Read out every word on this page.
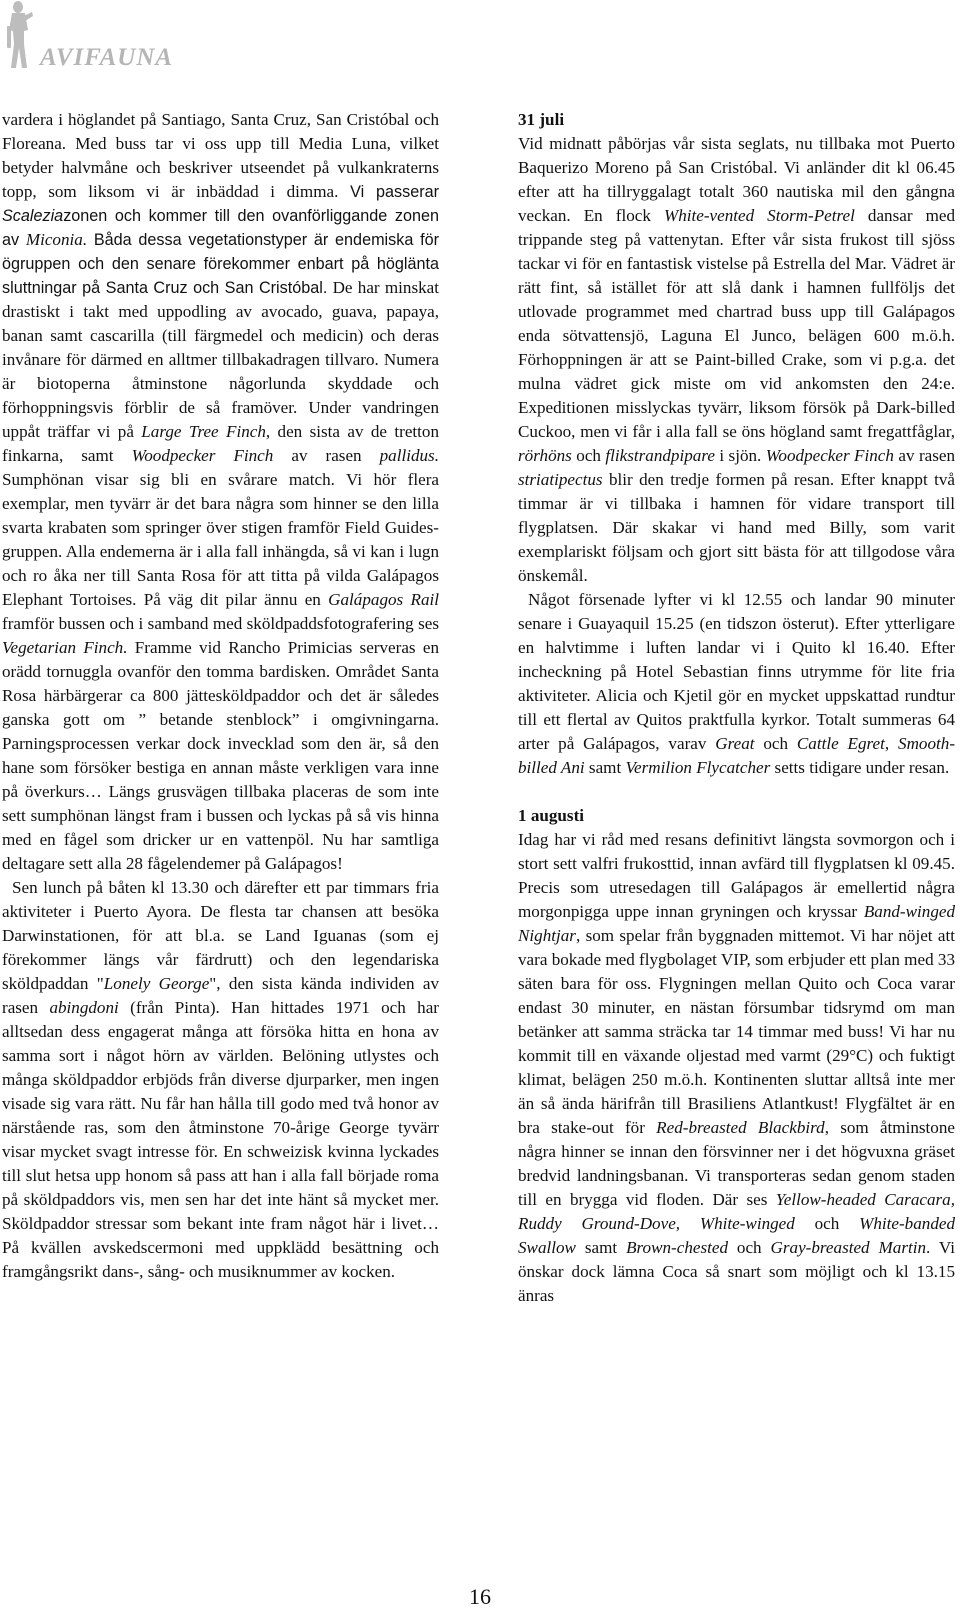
AVIFAUNA

vardera i höglandet på Santiago, Santa Cruz, San Cristóbal och Floreana. Med buss tar vi oss upp till Media Luna, vilket betyder halvmåne och beskriver utseendet på vulkankraterns topp, som liksom vi är inbäddad i dimma. Vi passerar Scaleziazonen och kommer till den ovanförliggande zonen av Miconia. Båda dessa vegetationstyper är endemiska för ögruppen och den senare förekommer enbart på höglänta sluttningar på Santa Cruz och San Cristóbal. De har minskat drastiskt i takt med uppodling av avocado, guava, papaya, banan samt cascarilla (till färgmedel och medicin) och deras invånare för därmed en alltmer tillbakadragen tillvaro. Numera är biotoperna åtminstone någorlunda skyddade och förhoppningsvis förblir de så framöver. Under vandringen uppåt träffar vi på Large Tree Finch, den sista av de tretton finkarna, samt Woodpecker Finch av rasen pallidus. Sumphönan visar sig bli en svårare match. Vi hör flera exemplar, men tyvärr är det bara några som hinner se den lilla svarta krabaten som springer över stigen framför Field Guides-gruppen. Alla endemerna är i alla fall inhängda, så vi kan i lugn och ro åka ner till Santa Rosa för att titta på vilda Galápagos Elephant Tortoises. På väg dit pilar ännu en Galápagos Rail framför bussen och i samband med sköldpaddsfotografering ses Vegetarian Finch. Framme vid Rancho Primicias serveras en orädd tornuggla ovanför den tomma bardisken. Området Santa Rosa härbärgerar ca 800 jättesköldpaddor och det är således ganska gott om ” betande stenblock” i omgivningarna. Parningsprocessen verkar dock invecklad som den är, så den hane som försöker bestiga en annan måste verkligen vara inne på överkurs… Längs grusvägen tillbaka placeras de som inte sett sumphönan längst fram i bussen och lyckas på så vis hinna med en fågel som dricker ur en vattenpöl. Nu har samtliga deltagare sett alla 28 fågelendemer på Galápagos!

Sen lunch på båten kl 13.30 och därefter ett par timmars fria aktiviteter i Puerto Ayora. De flesta tar chansen att besöka Darwinstationen, för att bl.a. se Land Iguanas (som ej förekommer längs vår färdrutt) och den legendariska sköldpaddan "Lonely George", den sista kända individen av rasen abingdoni (från Pinta). Han hittades 1971 och har alltsedan dess engagerat många att försöka hitta en hona av samma sort i något hörn av världen. Belöning utlystes och många sköldpaddor erbjöds från diverse djurparker, men ingen visade sig vara rätt. Nu får han hålla till godo med två honor av närstående ras, som den åtminstone 70-årige George tyvärr visar mycket svagt intresse för. En schweizisk kvinna lyckades till slut hetsa upp honom så pass att han i alla fall började roma på sköldpaddors vis, men sen har det inte hänt så mycket mer. Sköldpaddor stressar som bekant inte fram något här i livet… På kvällen avskedscermoni med uppklädd besättning och framgångsrikt dans-, sång- och musiknummer av kocken.

31 juli

Vid midnatt påbörjas vår sista seglats, nu tillbaka mot Puerto Baquerizo Moreno på San Cristóbal. Vi anländer dit kl 06.45 efter att ha tillryggalagt totalt 360 nautiska mil den gångna veckan. En flock White-vented Storm-Petrel dansar med trippande steg på vattenytan. Efter vår sista frukost till sjöss tackar vi för en fantastisk vistelse på Estrella del Mar. Vädret är rätt fint, så istället för att slå dank i hamnen fullföljs det utlovade programmet med chartrad buss upp till Galápagos enda sötvattensjö, Laguna El Junco, belägen 600 m.ö.h. Förhoppningen är att se Paint-billed Crake, som vi p.g.a. det mulna vädret gick miste om vid ankomsten den 24:e. Expeditionen misslyckas tyvärr, liksom försök på Dark-billed Cuckoo, men vi får i alla fall se öns högland samt fregattfåglar, rörhöns och flikstrandpipare i sjön. Woodpecker Finch av rasen striatipectus blir den tredje formen på resan. Efter knappt två timmar är vi tillbaka i hamnen för vidare transport till flygplatsen. Där skakar vi hand med Billy, som varit exemplariskt följsam och gjort sitt bästa för att tillgodose våra önskemål.

Något försenade lyfter vi kl 12.55 och landar 90 minuter senare i Guayaquil 15.25 (en tidszon österut). Efter ytterligare en halvtimme i luften landar vi i Quito kl 16.40. Efter incheckning på Hotel Sebastian finns utrymme för lite fria aktiviteter. Alicia och Kjetil gör en mycket uppskattad rundtur till ett flertal av Quitos praktfulla kyrkor. Totalt summeras 64 arter på Galápagos, varav Great och Cattle Egret, Smooth-billed Ani samt Vermilion Flycatcher setts tidigare under resan.

1 augusti

Idag har vi råd med resans definitivt längsta sovmorgon och i stort sett valfri frukosttid, innan avfärd till flygplatsen kl 09.45. Precis som utresedagen till Galápagos är emellertid några morgonpigga uppe innan gryningen och kryssar Band-winged Nightjar, som spelar från byggnaden mittemot. Vi har nöjet att vara bokade med flygbolaget VIP, som erbjuder ett plan med 33 säten bara för oss. Flygningen mellan Quito och Coca varar endast 30 minuter, en nästan försumbar tidsrymd om man betänker att samma sträcka tar 14 timmar med buss! Vi har nu kommit till en växande oljestad med varmt (29°C) och fuktigt klimat, belägen 250 m.ö.h. Kontinenten sluttar alltså inte mer än så ända härifrån till Brasiliens Atlantkust! Flygfältet är en bra stake-out för Red-breasted Blackbird, som åtminstone några hinner se innan den försvinner ner i det högvuxna gräset bredvid landningsbanan. Vi transporteras sedan genom staden till en brygga vid floden. Där ses Yellow-headed Caracara, Ruddy Ground-Dove, White-winged och White-banded Swallow samt Brown-chested och Gray-breasted Martin. Vi önskar dock lämna Coca så snart som möjligt och kl 13.15 änras

16
